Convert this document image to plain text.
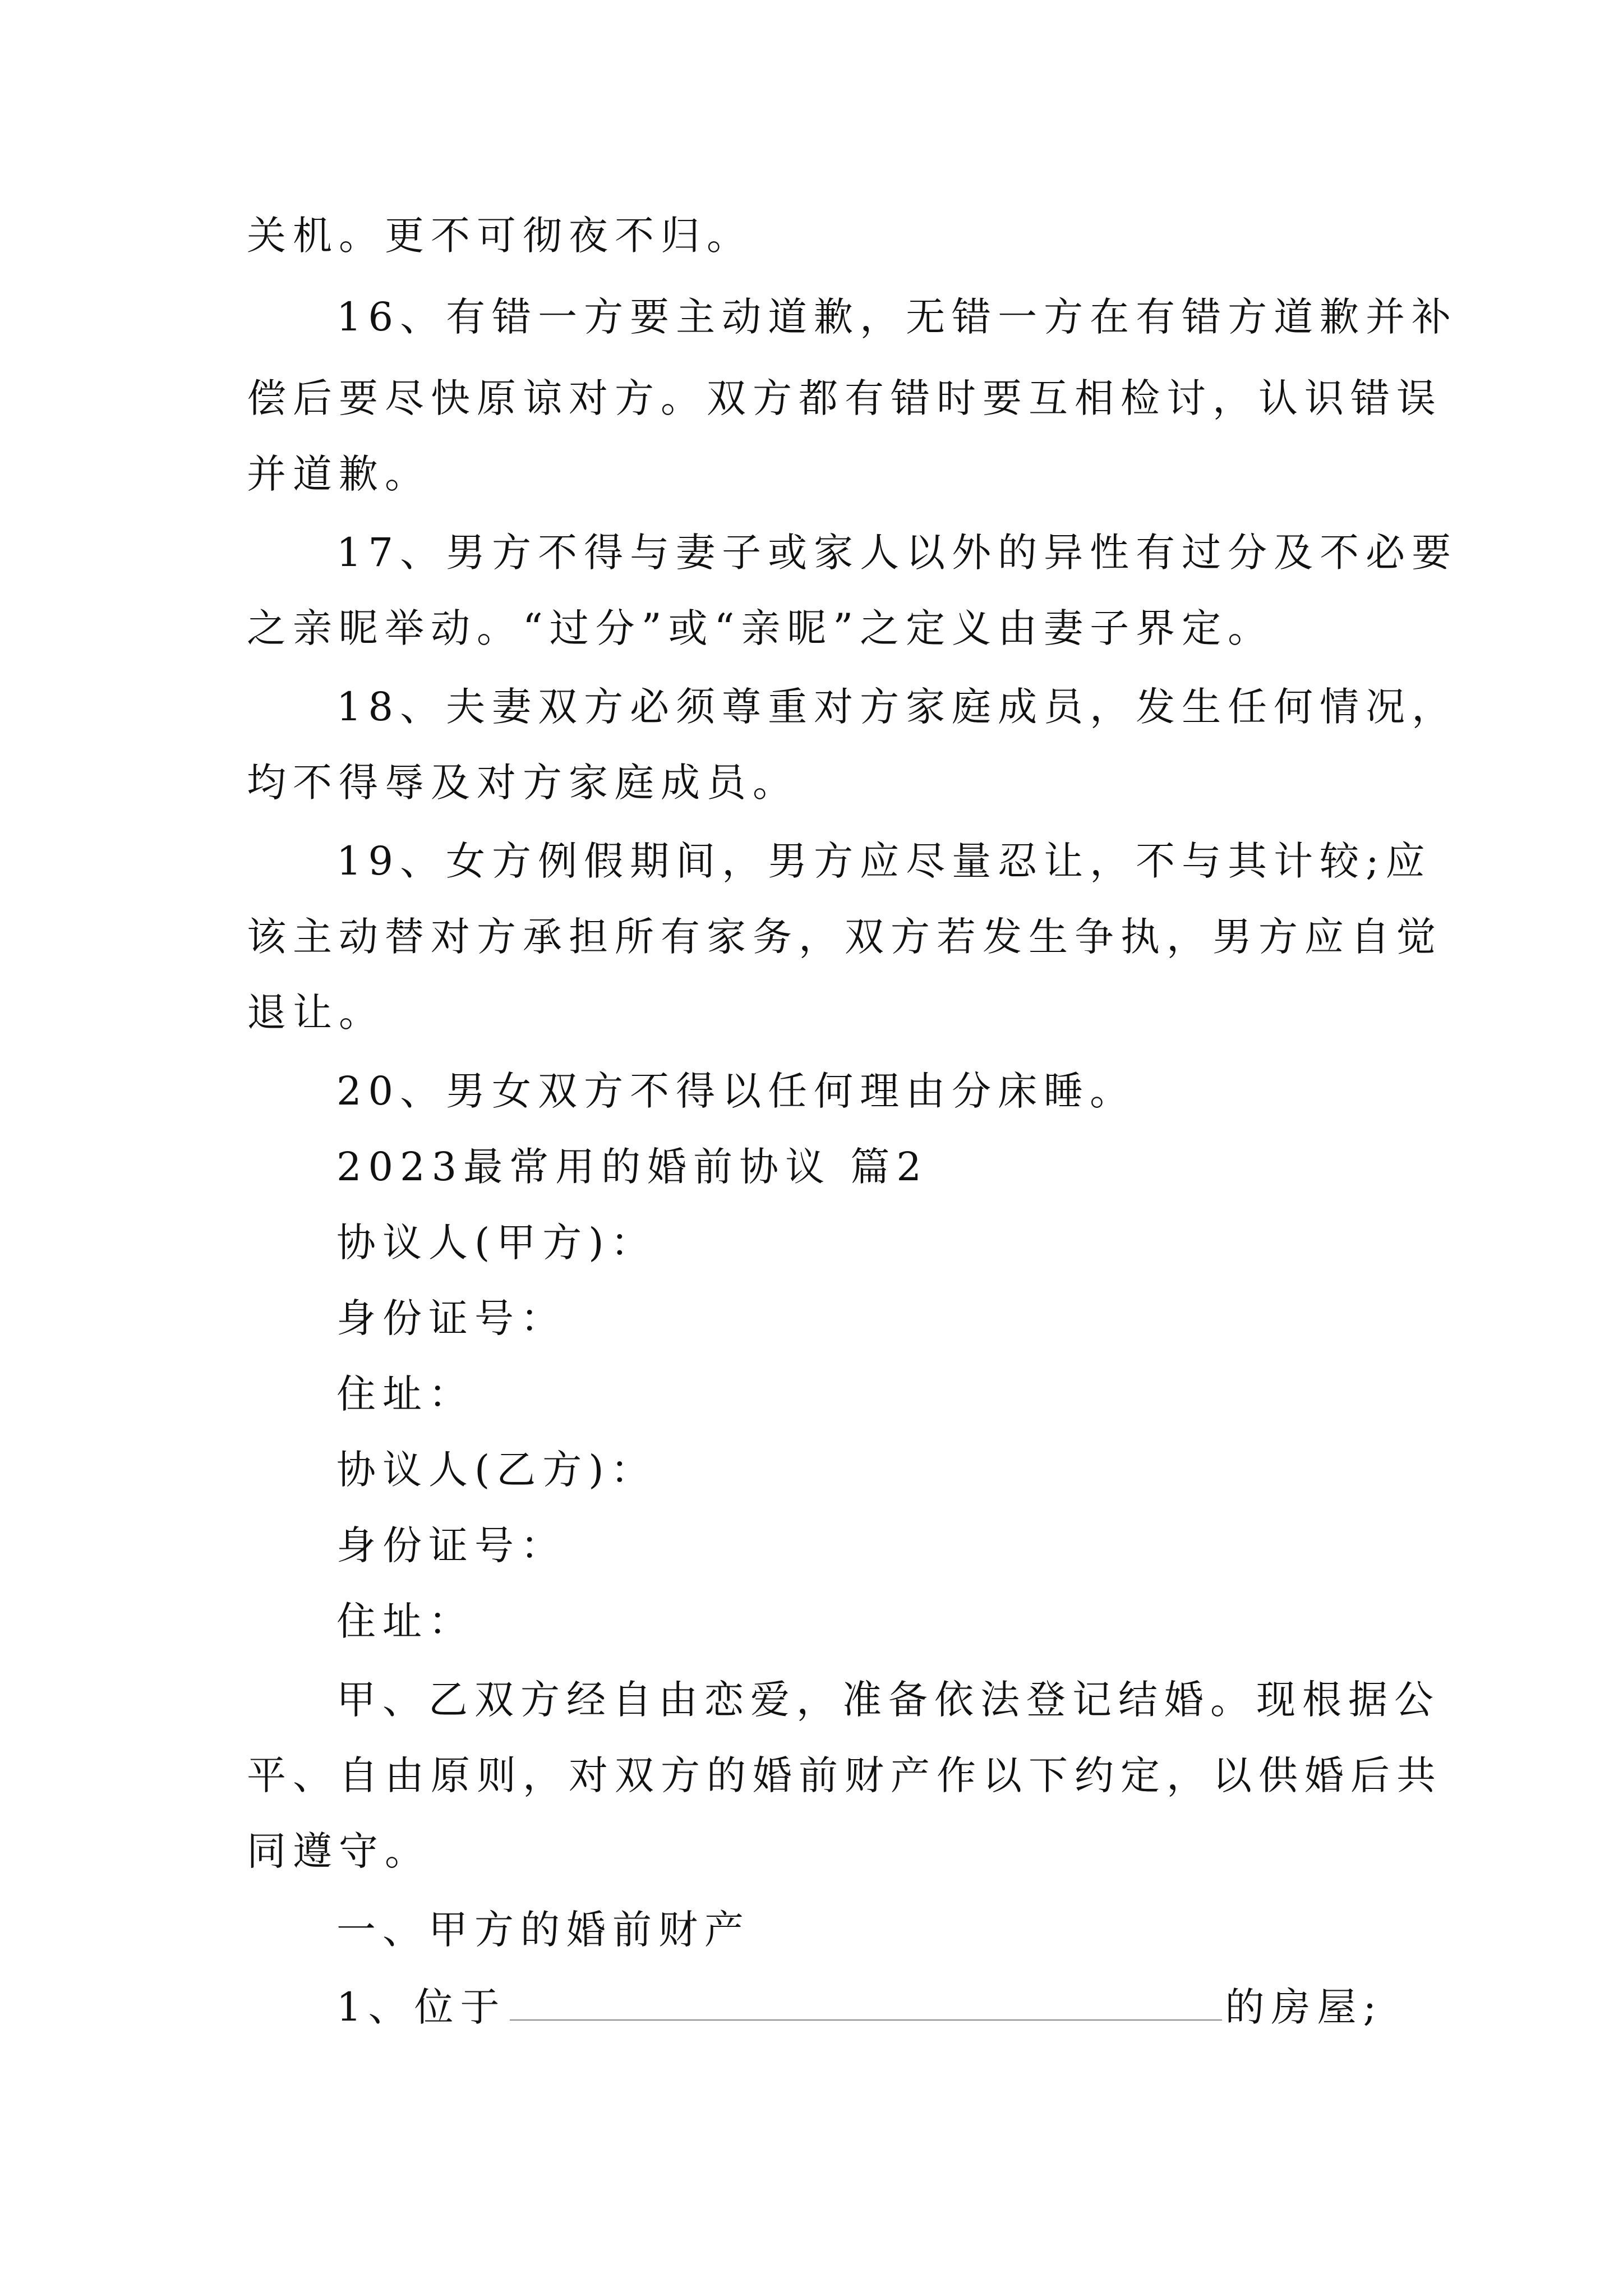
关机。更不可彻夜不归。

16、有错一方要主动道歉，无错一方在有错方道歉并补

偿后要尽快原谅对方。双方都有错时要互相检讨，认识错误

并道歉。

17、男方不得与妻子或家人以外的异性有过分及不必要

之亲昵举动。“过分”或“亲昵”之定义由妻子界定。

18、夫妻双方必须尊重对方家庭成员，发生任何情况，

均不得辱及对方家庭成员。

19、女方例假期间，男方应尽量忍让，不与其计较;应

该主动替对方承担所有家务，双方若发生争执，男方应自觉

退让。

20、男女双方不得以任何理由分床睡。

2023最常用的婚前协议 篇2

协议人(甲方)：

身份证号：

住址：

协议人(乙方)：

身份证号：

住址：

甲、乙双方经自由恋爱，准备依法登记结婚。现根据公

平、自由原则，对双方的婚前财产作以下约定，以供婚后共

同遵守。

一、甲方的婚前财产

1、位于	的房屋;
